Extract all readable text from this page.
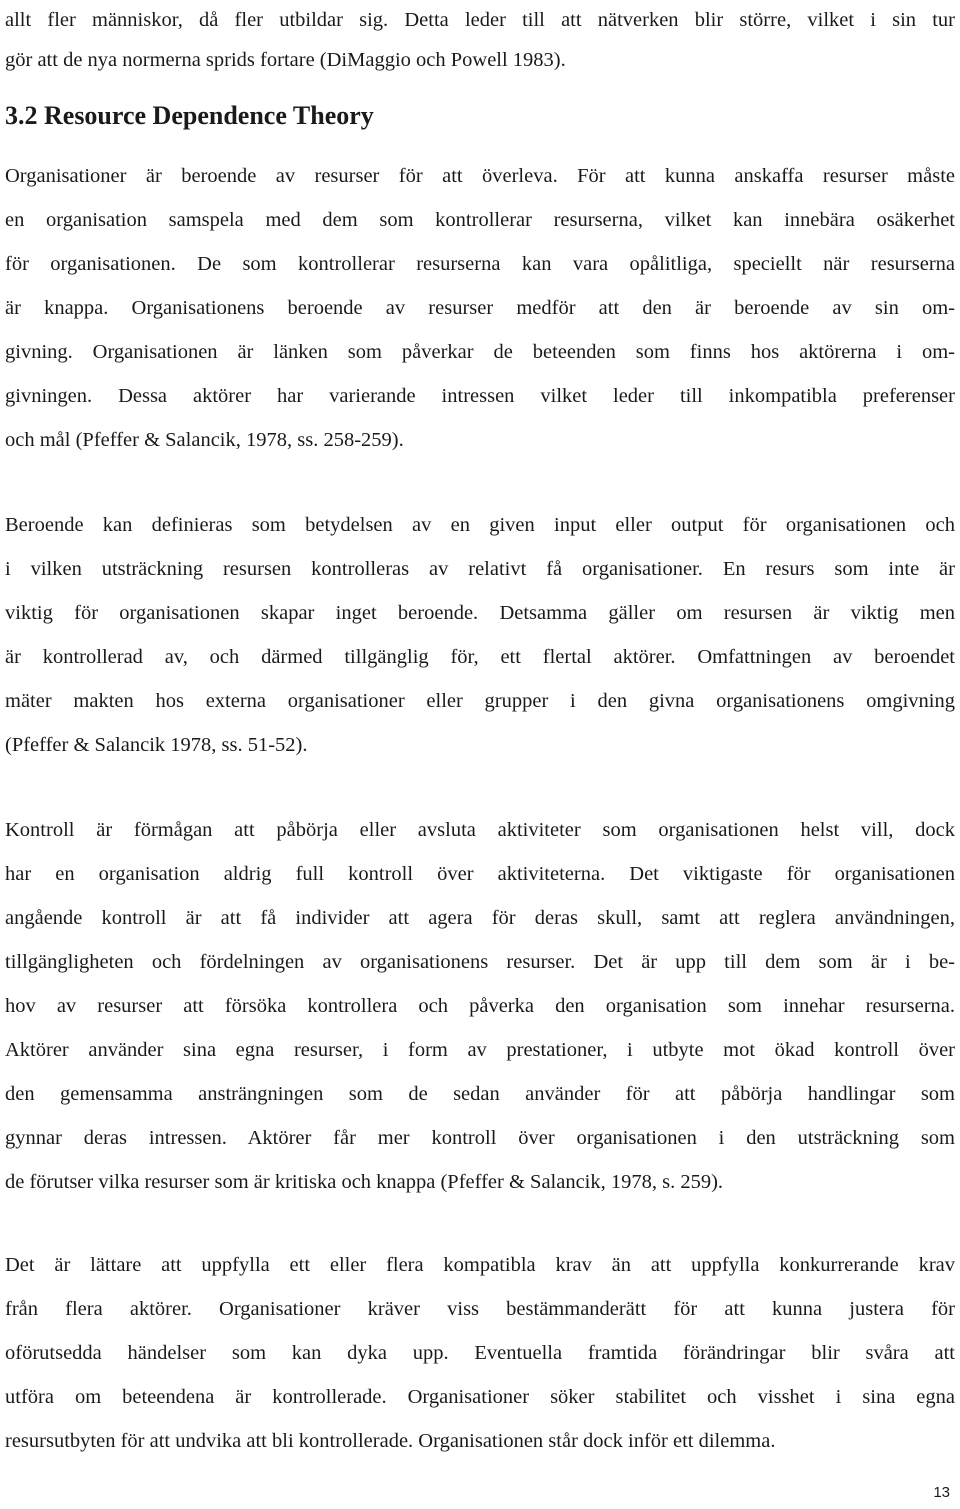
allt fler människor, då fler utbildar sig. Detta leder till att nätverken blir större, vilket i sin tur
gör att de nya normerna sprids fortare (DiMaggio och Powell 1983).
3.2 Resource Dependence Theory
Organisationer är beroende av resurser för att överleva. För att kunna anskaffa resurser måste
en organisation samspela med dem som kontrollerar resurserna, vilket kan innebära osäkerhet
för organisationen. De som kontrollerar resurserna kan vara opålitliga, speciellt när resurserna
är knappa. Organisationens beroende av resurser medför att den är beroende av sin om-
givning. Organisationen är länken som påverkar de beteenden som finns hos aktörerna i om-
givningen. Dessa aktörer har varierande intressen vilket leder till inkompatibla preferenser
och mål (Pfeffer & Salancik, 1978, ss. 258-259).
Beroende kan definieras som betydelsen av en given input eller output för organisationen och
i vilken utsträckning resursen kontrolleras av relativt få organisationer. En resurs som inte är
viktig för organisationen skapar inget beroende. Detsamma gäller om resursen är viktig men
är kontrollerad av, och därmed tillgänglig för, ett flertal aktörer. Omfattningen av beroendet
mäter makten hos externa organisationer eller grupper i den givna organisationens omgivning
(Pfeffer & Salancik 1978, ss. 51-52).
Kontroll är förmågan att påbörja eller avsluta aktiviteter som organisationen helst vill, dock
har en organisation aldrig full kontroll över aktiviteterna. Det viktigaste för organisationen
angående kontroll är att få individer att agera för deras skull, samt att reglera användningen,
tillgängligheten och fördelningen av organisationens resurser. Det är upp till dem som är i be-
hov av resurser att försöka kontrollera och påverka den organisation som innehar resurserna.
Aktörer använder sina egna resurser, i form av prestationer, i utbyte mot ökad kontroll över
den gemensamma ansträngningen som de sedan använder för att påbörja handlingar som
gynnar deras intressen. Aktörer får mer kontroll över organisationen i den utsträckning som
de förutser vilka resurser som är kritiska och knappa (Pfeffer & Salancik, 1978, s. 259).
Det är lättare att uppfylla ett eller flera kompatibla krav än att uppfylla konkurrerande krav
från flera aktörer. Organisationer kräver viss bestämmanderätt för att kunna justera för
oförutsedda händelser som kan dyka upp. Eventuella framtida förändringar blir svåra att
utföra om beteendena är kontrollerade. Organisationer söker stabilitet och visshet i sina egna
resursutbyten för att undvika att bli kontrollerade. Organisationen står dock inför ett dilemma.
13
